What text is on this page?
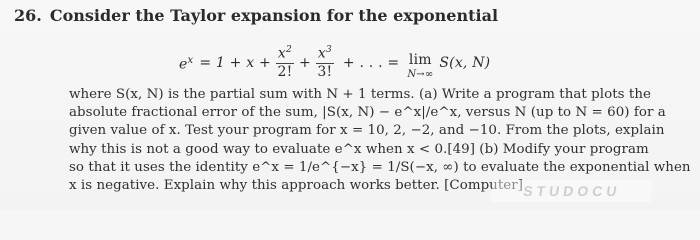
26. Consider the Taylor expansion for the exponential
$e^x = 1 + x + \frac{x^2}{2!} + \frac{x^3}{3!}$ + . . . = lim
N→∞
S(x, N)
where S(x, N) is the partial sum with N + 1 terms. (a) Write a program that plots the
absolute fractional error of the sum, |S(x, N) − e^x|/e^x, versus N (up to N = 60) for a
given value of x. Test your program for x = 10, 2, −2, and −10. From the plots, explain
why this is not a good way to evaluate e^x when x < 0.[49] (b) Modify your program
so that it uses the identity e^x = 1/e^{−x} = 1/S(−x, ∞) to evaluate the exponential when
x is negative. Explain why this approach works better. [Computer] STUDOCU
